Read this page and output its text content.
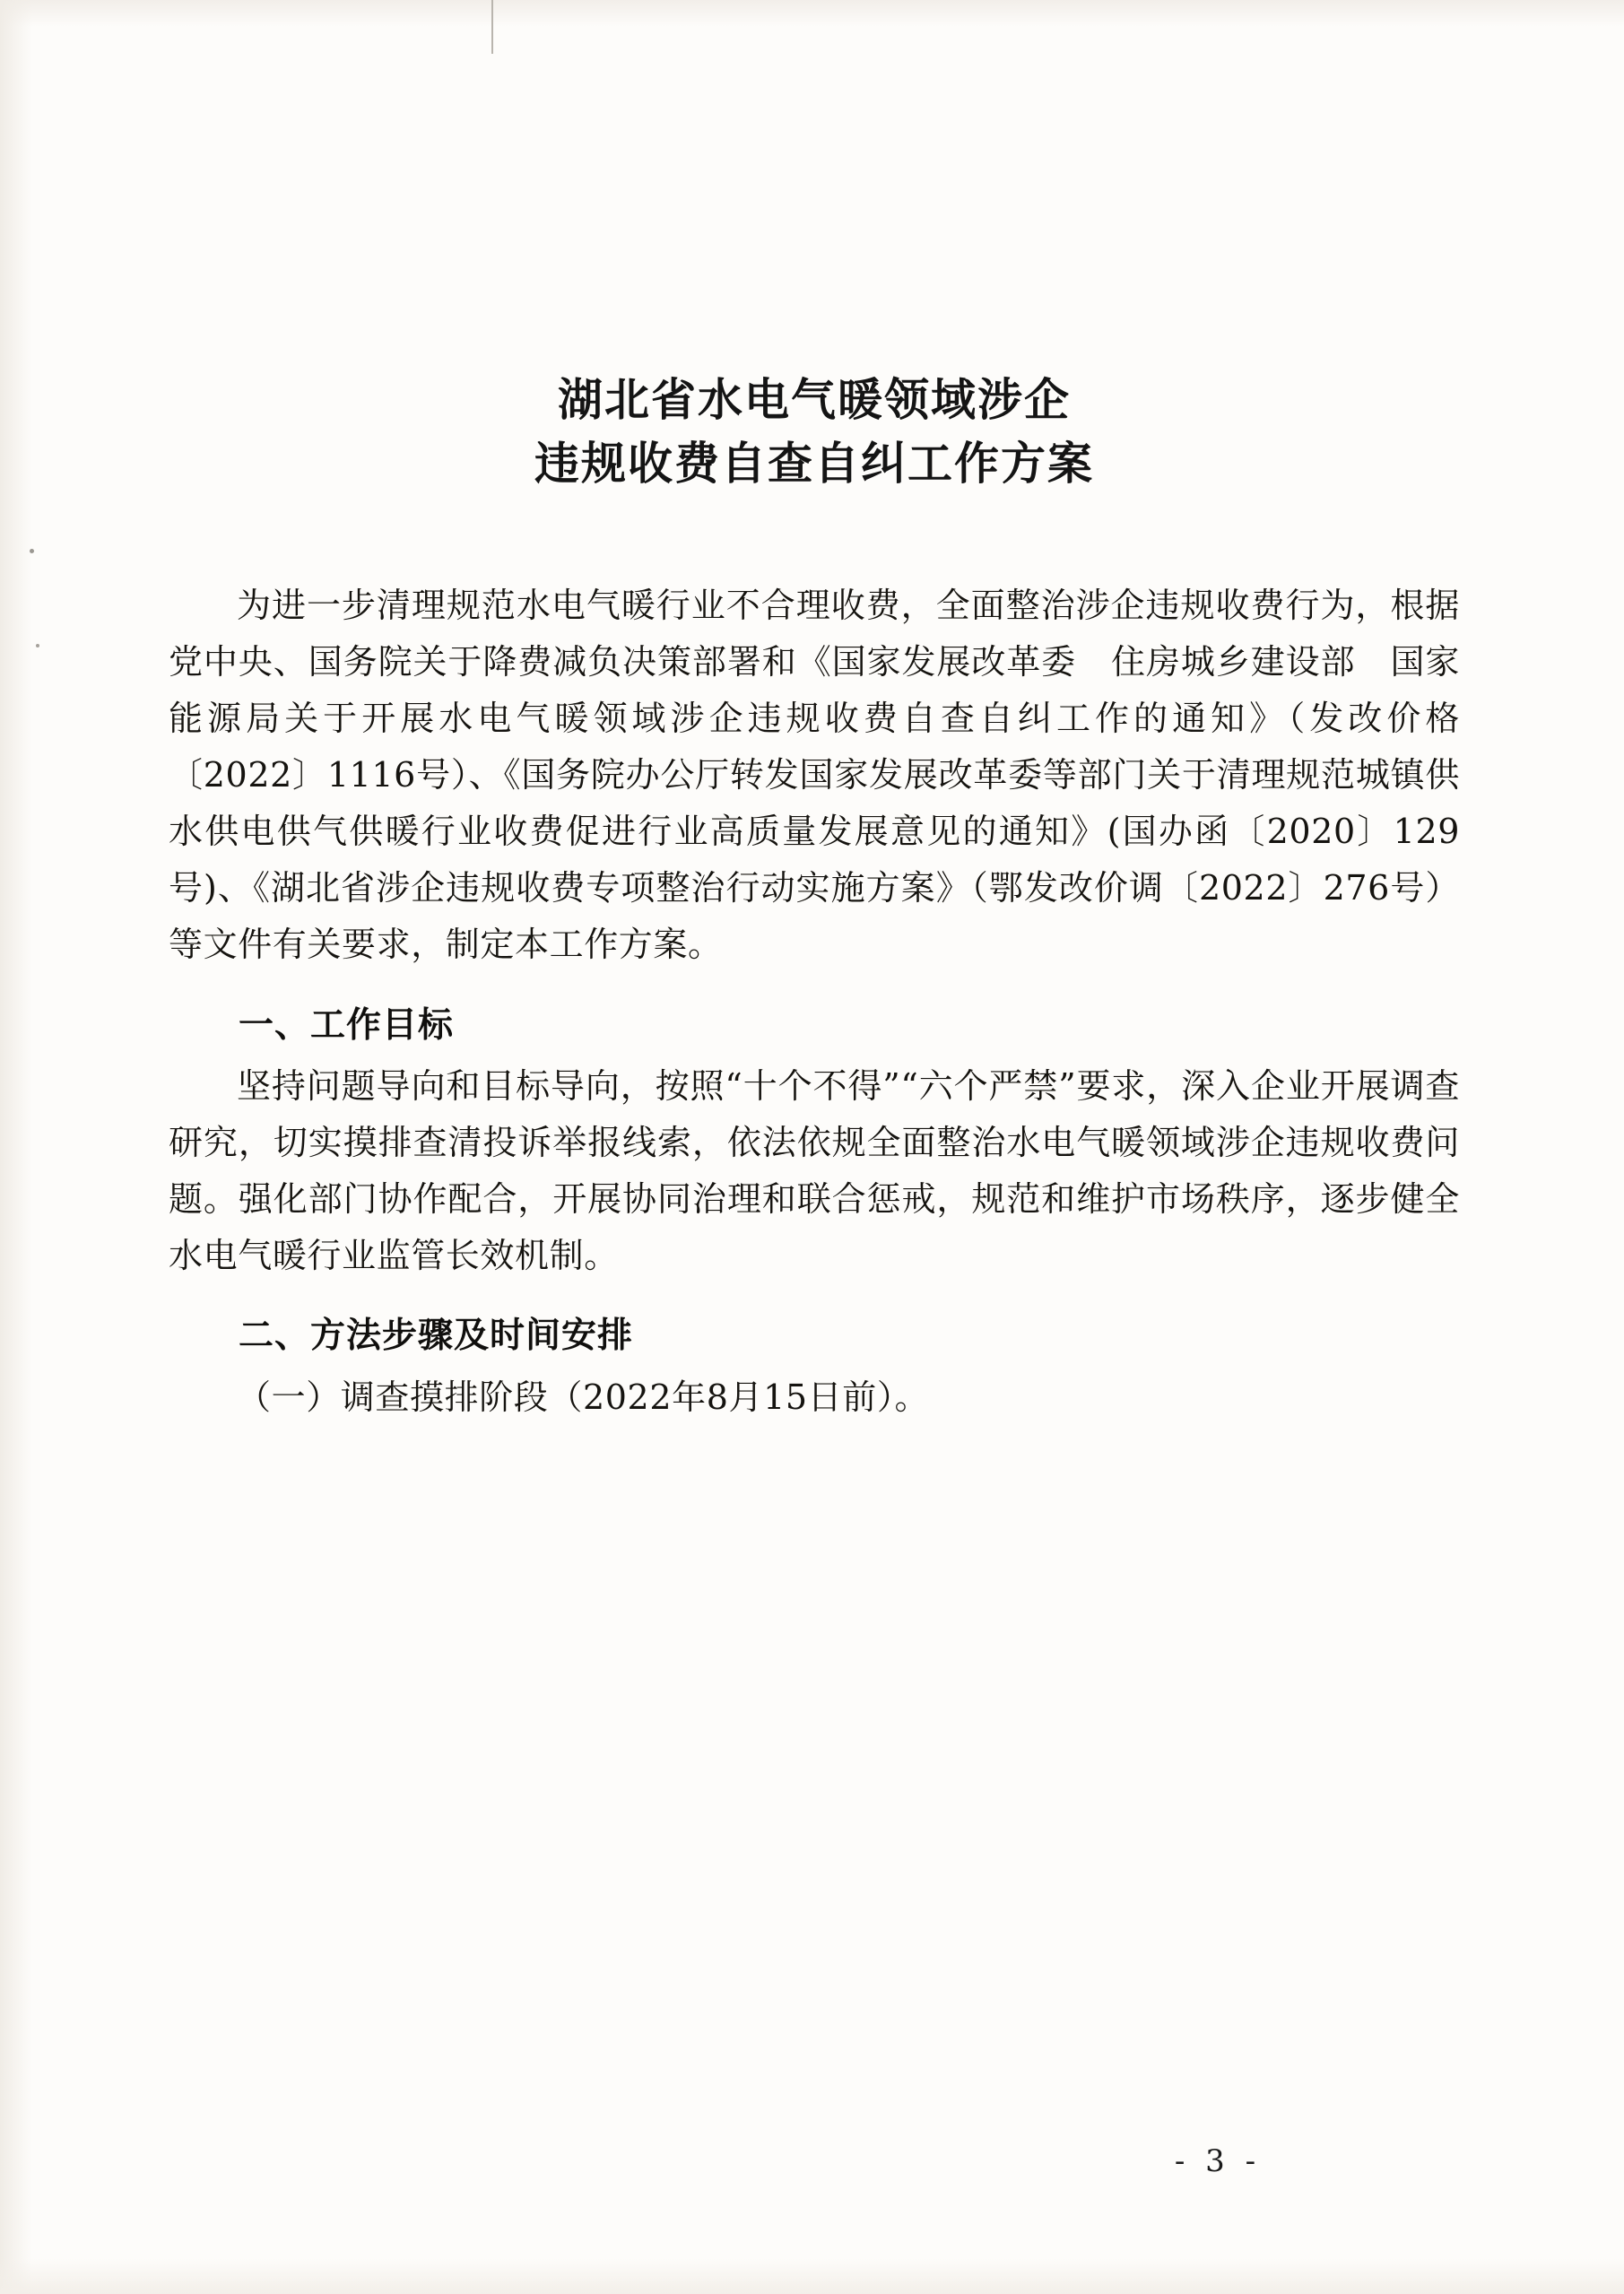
湖北省水电气暖领域涉企
违规收费自查自纠工作方案

为进一步清理规范水电气暖行业不合理收费，全面整治涉企违规收费行为，根据党中央、国务院关于降费减负决策部署和《国家发展改革委　住房城乡建设部　国家能源局关于开展水电气暖领域涉企违规收费自查自纠工作的通知》（发改价格〔2022〕1116号）、《国务院办公厅转发国家发展改革委等部门关于清理规范城镇供水供电供气供暖行业收费促进行业高质量发展意见的通知》(国办函〔2020〕129号)、《湖北省涉企违规收费专项整治行动实施方案》（鄂发改价调〔2022〕276号）等文件有关要求，制定本工作方案。

一、工作目标

坚持问题导向和目标导向，按照“十个不得”“六个严禁”要求，深入企业开展调查研究，切实摸排查清投诉举报线索，依法依规全面整治水电气暖领域涉企违规收费问题。强化部门协作配合，开展协同治理和联合惩戒，规范和维护市场秩序，逐步健全水电气暖行业监管长效机制。

二、方法步骤及时间安排

（一）调查摸排阶段（2022年8月15日前）。

- 3 -
